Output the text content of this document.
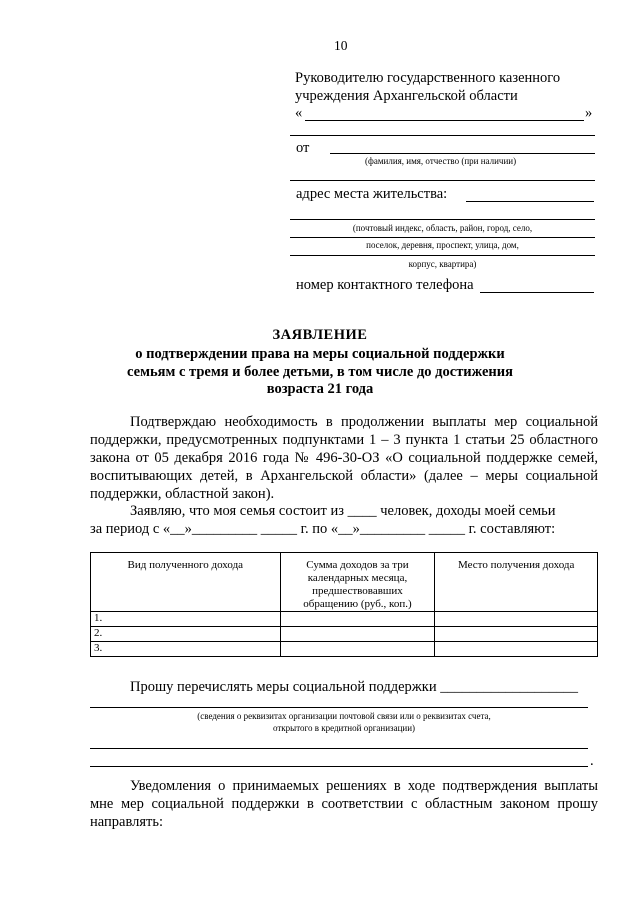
10
Руководителю государственного казенного
учреждения Архангельской области
«	»
от
(фамилия, имя, отчество (при наличии)
адрес места жительства:
(почтовый индекс, область, район, город, село,
поселок, деревня, проспект, улица, дом,
корпус, квартира)
номер контактного телефона
ЗАЯВЛЕНИЕ
о подтверждении права на меры социальной поддержки
семьям с тремя и более детьми, в том числе до достижения
возраста 21 года
Подтверждаю необходимость в продолжении выплаты мер социальной поддержки, предусмотренных подпунктами 1 – 3 пункта 1 статьи 25 областного закона от 05 декабря 2016 года № 496-30-ОЗ «О социальной поддержке семей, воспитывающих детей, в Архангельской области» (далее – меры социальной поддержки, областной закон).
Заявляю, что моя семья состоит из ____ человек, доходы моей семьи
за период с «__»_________ _____ г. по «__»_________ _____ г. составляют:
Вид полученного дохода	Сумма доходов за три календарных месяца, предшествовавших обращению (руб., коп.)	Место получения дохода
1.		
2.		
3.		
Прошу перечислять меры социальной поддержки ___________________
(сведения о реквизитах организации почтовой связи или о реквизитах счета,
открытого в кредитной организации)
.
Уведомления о принимаемых решениях в ходе подтверждения выплаты мне мер социальной поддержки в соответствии с областным законом прошу направлять:
